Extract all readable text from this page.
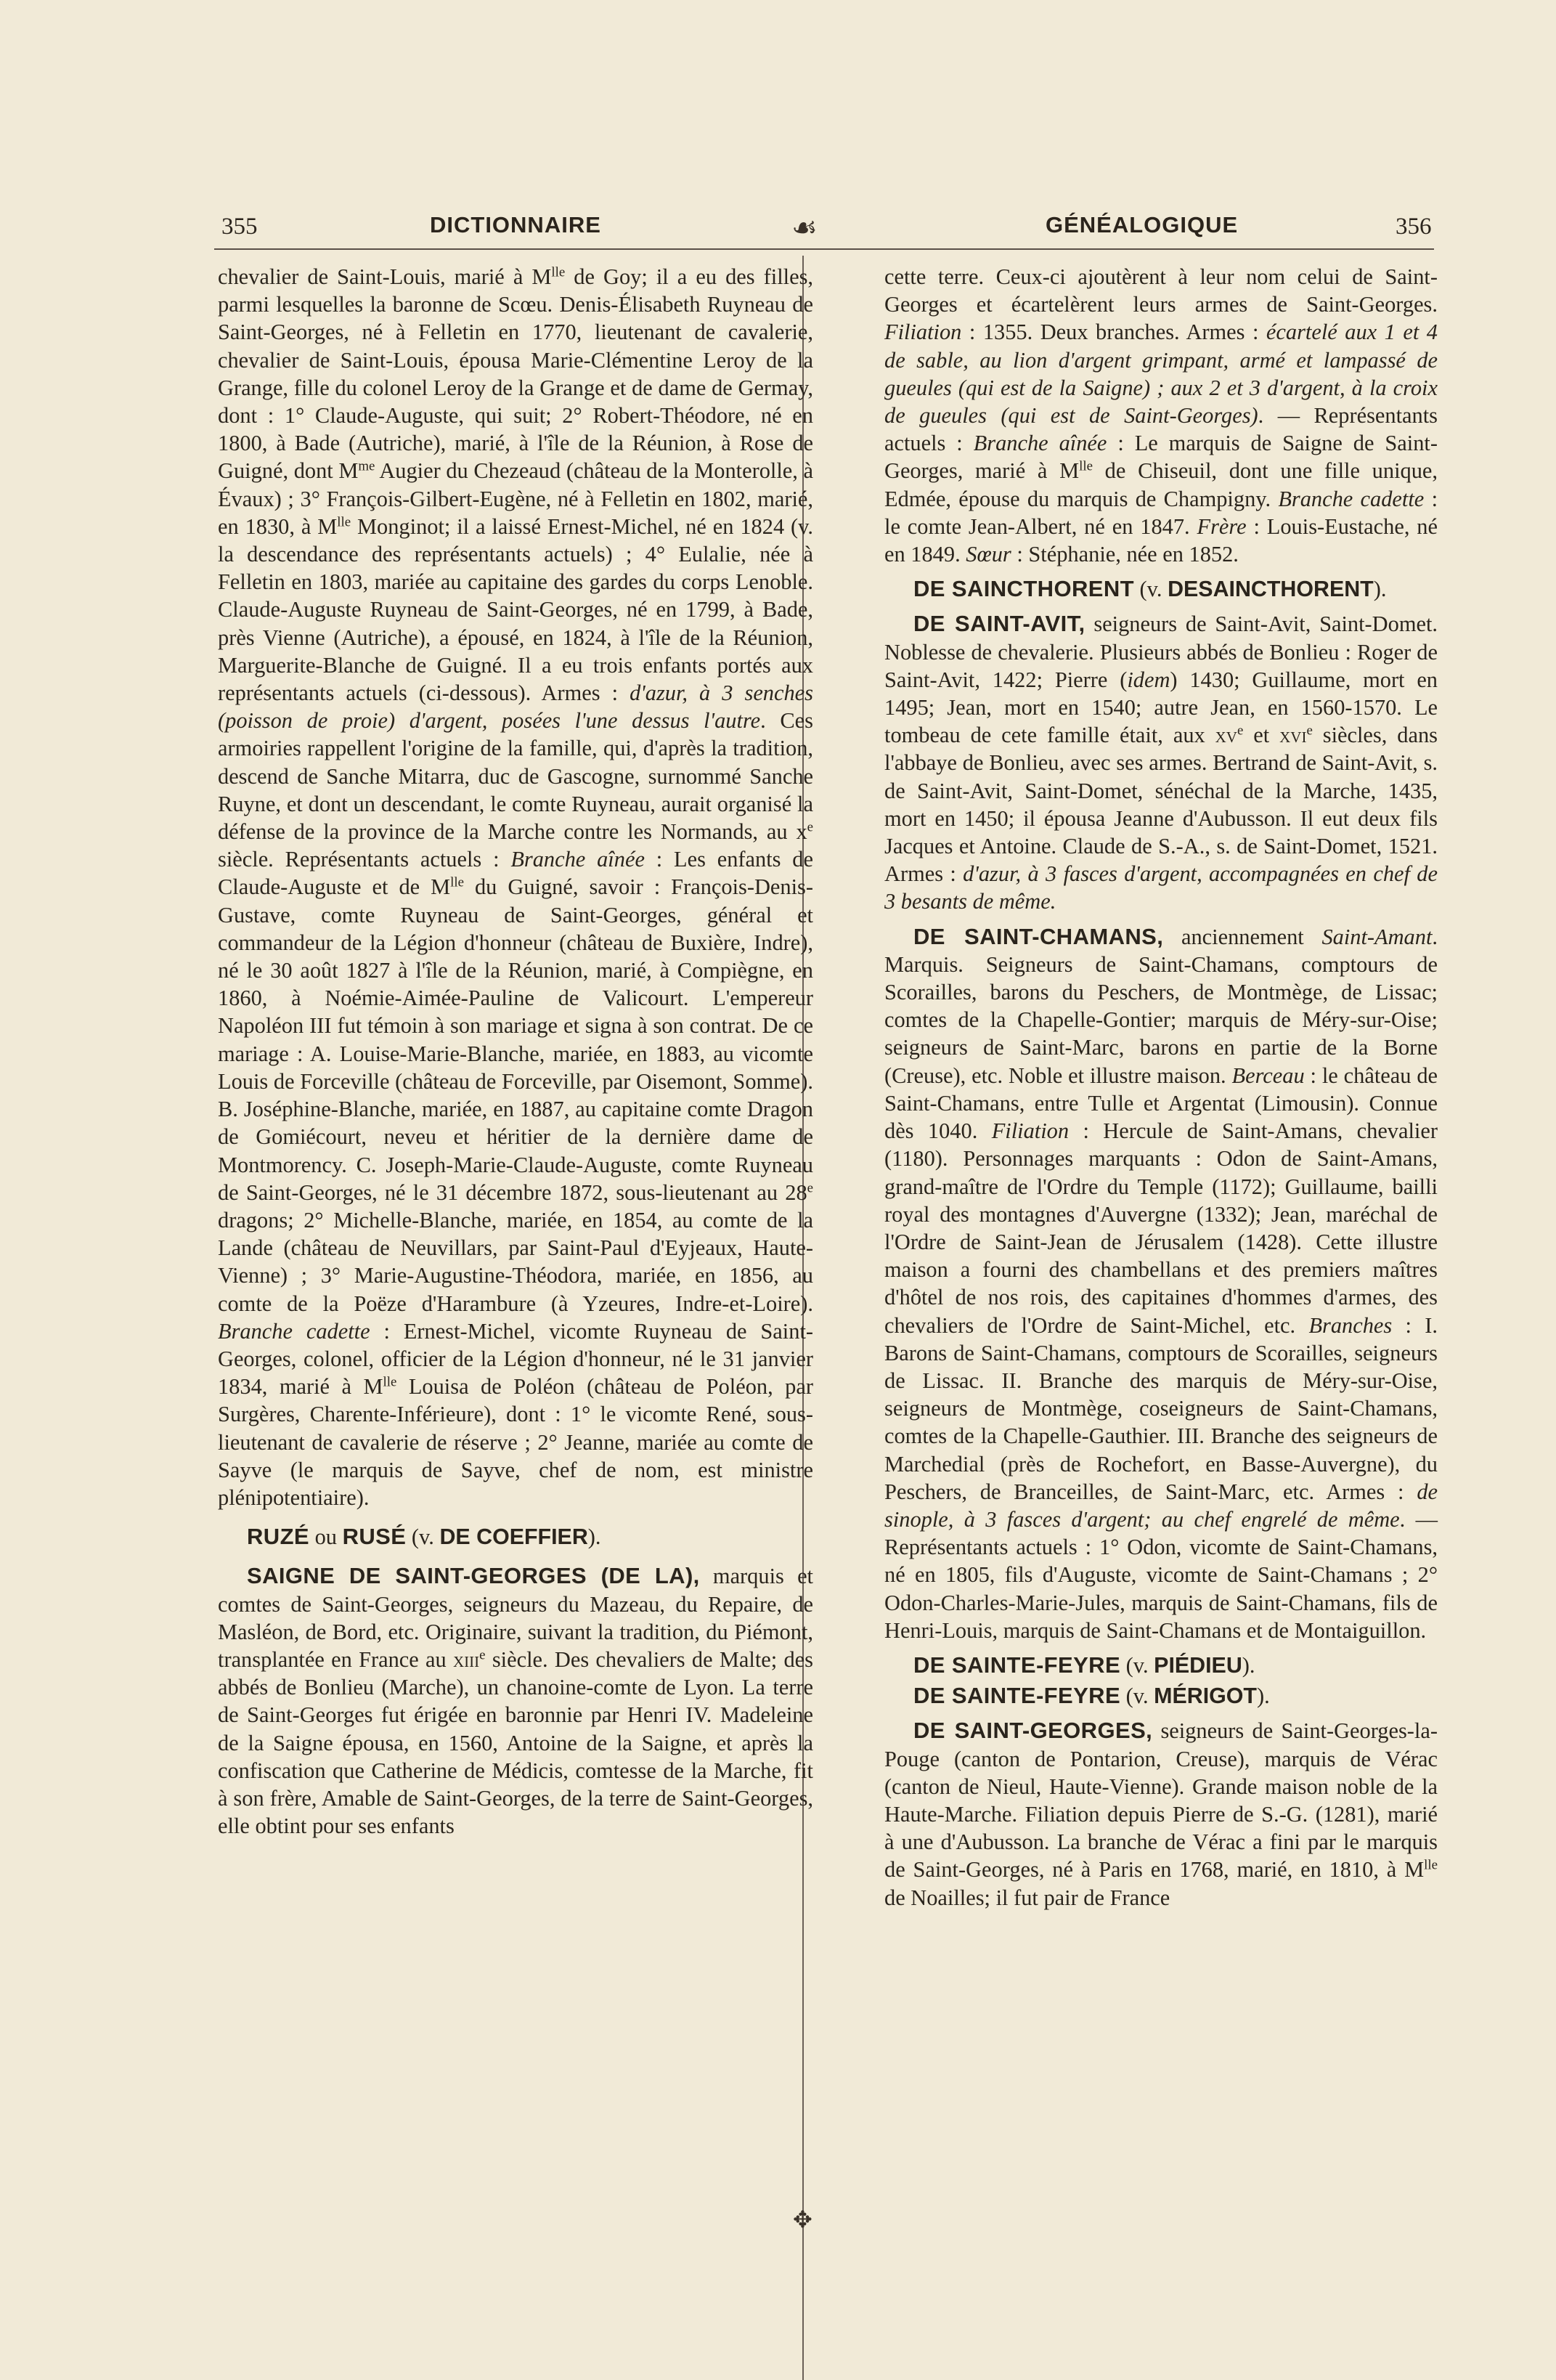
355	DICTIONNAIRE	☙	GÉNÉALOGIQUE	356
✥

chevalier de Saint-Louis, marié à $M^{lle}$ de Goy; il a eu des filles, parmi lesquelles la baronne de Scœu. Denis-Élisabeth Ruyneau de Saint-Georges, né à Felletin en 1770, lieutenant de cavalerie, chevalier de Saint-Louis, épousa Marie-Clémentine Leroy de la Grange, fille du colonel Leroy de la Grange et de dame de Germay, dont : 1° Claude-Auguste, qui suit; 2° Robert-Théodore, né en 1800, à Bade (Autriche), marié, à l'île de la Réunion, à Rose de Guigné, dont $M^{me}$ Augier du Chezeaud (château de la Monterolle, à Évaux) ; 3° François-Gilbert-Eugène, né à Felletin en 1802, marié, en 1830, à $M^{lle}$ Monginot; il a laissé Ernest-Michel, né en 1824 (v. la descendance des représentants actuels) ; 4° Eulalie, née à Felletin en 1803, mariée au capitaine des gardes du corps Lenoble. Claude-Auguste Ruyneau de Saint-Georges, né en 1799, à Bade, près Vienne (Autriche), a épousé, en 1824, à l'île de la Réunion, Marguerite-Blanche de Guigné. Il a eu trois enfants portés aux représentants actuels (ci-dessous). Armes : d'azur, à 3 senches (poisson de proie) d'argent, posées l'une dessus l'autre. Ces armoiries rappellent l'origine de la famille, qui, d'après la tradition, descend de Sanche Mitarra, duc de Gascogne, surnommé Sanche Ruyne, et dont un descendant, le comte Ruyneau, aurait organisé la défense de la province de la Marche contre les Normands, au $x^e$ siècle. Représentants actuels : Branche aînée : Les enfants de Claude-Auguste et de $M^{lle}$ du Guigné, savoir : François-Denis-Gustave, comte Ruyneau de Saint-Georges, général et commandeur de la Légion d'honneur (château de Buxière, Indre), né le 30 août 1827 à l'île de la Réunion, marié, à Compiègne, en 1860, à Noémie-Aimée-Pauline de Valicourt. L'empereur Napoléon III fut témoin à son mariage et signa à son contrat. De ce mariage : A. Louise-Marie-Blanche, mariée, en 1883, au vicomte Louis de Forceville (château de Forceville, par Oisemont, Somme). B. Joséphine-Blanche, mariée, en 1887, au capitaine comte Dragon de Gomiécourt, neveu et héritier de la dernière dame de Montmorency. C. Joseph-Marie-Claude-Auguste, comte Ruyneau de Saint-Georges, né le 31 décembre 1872, sous-lieutenant au 28e dragons; 2° Michelle-Blanche, mariée, en 1854, au comte de la Lande (château de Neuvillars, par Saint-Paul d'Eyjeaux, Haute-Vienne) ; 3° Marie-Augustine-Théodora, mariée, en 1856, au comte de la Poëze d'Harambure (à Yzeures, Indre-et-Loire). Branche cadette : Ernest-Michel, vicomte Ruyneau de Saint-Georges, colonel, officier de la Légion d'honneur, né le 31 janvier 1834, marié à $M^{lle}$ Louisa de Poléon (château de Poléon, par Surgères, Charente-Inférieure), dont : 1° le vicomte René, sous-lieutenant de cavalerie de réserve ; 2° Jeanne, mariée au comte de Sayve (le marquis de Sayve, chef de nom, est ministre plénipotentiaire).

RUZÉ ou RUSÉ (v. DE COEFFIER).

SAIGNE DE SAINT-GEORGES (DE LA), marquis et comtes de Saint-Georges, seigneurs du Mazeau, du Repaire, de Masléon, de Bord, etc. Originaire, suivant la tradition, du Piémont, transplantée en France au xiii$^e$ siècle. Des chevaliers de Malte; des abbés de Bonlieu (Marche), un chanoine-comte de Lyon. La terre de Saint-Georges fut érigée en baronnie par Henri IV. Madeleine de la Saigne épousa, en 1560, Antoine de la Saigne, et après la confiscation que Catherine de Médicis, comtesse de la Marche, fit à son frère, Amable de Saint-Georges, de la terre de Saint-Georges, elle obtint pour ses enfants

cette terre. Ceux-ci ajoutèrent à leur nom celui de Saint-Georges et écartelèrent leurs armes de Saint-Georges. Filiation : 1355. Deux branches. Armes : écartelé aux 1 et 4 de sable, au lion d'argent grimpant, armé et lampassé de gueules (qui est de la Saigne) ; aux 2 et 3 d'argent, à la croix de gueules (qui est de Saint-Georges). — Représentants actuels : Branche aînée : Le marquis de Saigne de Saint-Georges, marié à $M^{lle}$ de Chiseuil, dont une fille unique, Edmée, épouse du marquis de Champigny. Branche cadette : le comte Jean-Albert, né en 1847. Frère : Louis-Eustache, né en 1849. Sœur : Stéphanie, née en 1852.

DE SAINCTHORENT (v. DESAINCTHORENT).

DE SAINT-AVIT, seigneurs de Saint-Avit, Saint-Domet. Noblesse de chevalerie. Plusieurs abbés de Bonlieu : Roger de Saint-Avit, 1422; Pierre (idem) 1430; Guillaume, mort en 1495; Jean, mort en 1540; autre Jean, en 1560-1570. Le tombeau de cete famille était, aux $xv^e$ et xvi$^e$ siècles, dans l'abbaye de Bonlieu, avec ses armes. Bertrand de Saint-Avit, s. de Saint-Avit, Saint-Domet, sénéchal de la Marche, 1435, mort en 1450; il épousa Jeanne d'Aubusson. Il eut deux fils Jacques et Antoine. Claude de S.-A., s. de Saint-Domet, 1521. Armes : d'azur, à 3 fasces d'argent, accompagnées en chef de 3 besants de même.

DE SAINT-CHAMANS, anciennement Saint-Amant. Marquis. Seigneurs de Saint-Chamans, comptours de Scorailles, barons du Peschers, de Montmège, de Lissac; comtes de la Chapelle-Gontier; marquis de Méry-sur-Oise; seigneurs de Saint-Marc, barons en partie de la Borne (Creuse), etc. Noble et illustre maison. Berceau : le château de Saint-Chamans, entre Tulle et Argentat (Limousin). Connue dès 1040. Filiation : Hercule de Saint-Amans, chevalier (1180). Personnages marquants : Odon de Saint-Amans, grand-maître de l'Ordre du Temple (1172); Guillaume, bailli royal des montagnes d'Auvergne (1332); Jean, maréchal de l'Ordre de Saint-Jean de Jérusalem (1428). Cette illustre maison a fourni des chambellans et des premiers maîtres d'hôtel de nos rois, des capitaines d'hommes d'armes, des chevaliers de l'Ordre de Saint-Michel, etc. Branches : I. Barons de Saint-Chamans, comptours de Scorailles, seigneurs de Lissac. II. Branche des marquis de Méry-sur-Oise, seigneurs de Montmège, coseigneurs de Saint-Chamans, comtes de la Chapelle-Gauthier. III. Branche des seigneurs de Marchedial (près de Rochefort, en Basse-Auvergne), du Peschers, de Branceilles, de Saint-Marc, etc. Armes : de sinople, à 3 fasces d'argent; au chef engrelé de même. — Représentants actuels : 1° Odon, vicomte de Saint-Chamans, né en 1805, fils d'Auguste, vicomte de Saint-Chamans ; 2° Odon-Charles-Marie-Jules, marquis de Saint-Chamans, fils de Henri-Louis, marquis de Saint-Chamans et de Montaiguillon.

DE SAINTE-FEYRE (v. PIÉDIEU).

DE SAINTE-FEYRE (v. MÉRIGOT).

DE SAINT-GEORGES, seigneurs de Saint-Georges-la-Pouge (canton de Pontarion, Creuse), marquis de Vérac (canton de Nieul, Haute-Vienne). Grande maison noble de la Haute-Marche. Filiation depuis Pierre de S.-G. (1281), marié à une d'Aubusson. La branche de Vérac a fini par le marquis de Saint-Georges, né à Paris en 1768, marié, en 1810, à $M^{lle}$ de Noailles; il fut pair de France
